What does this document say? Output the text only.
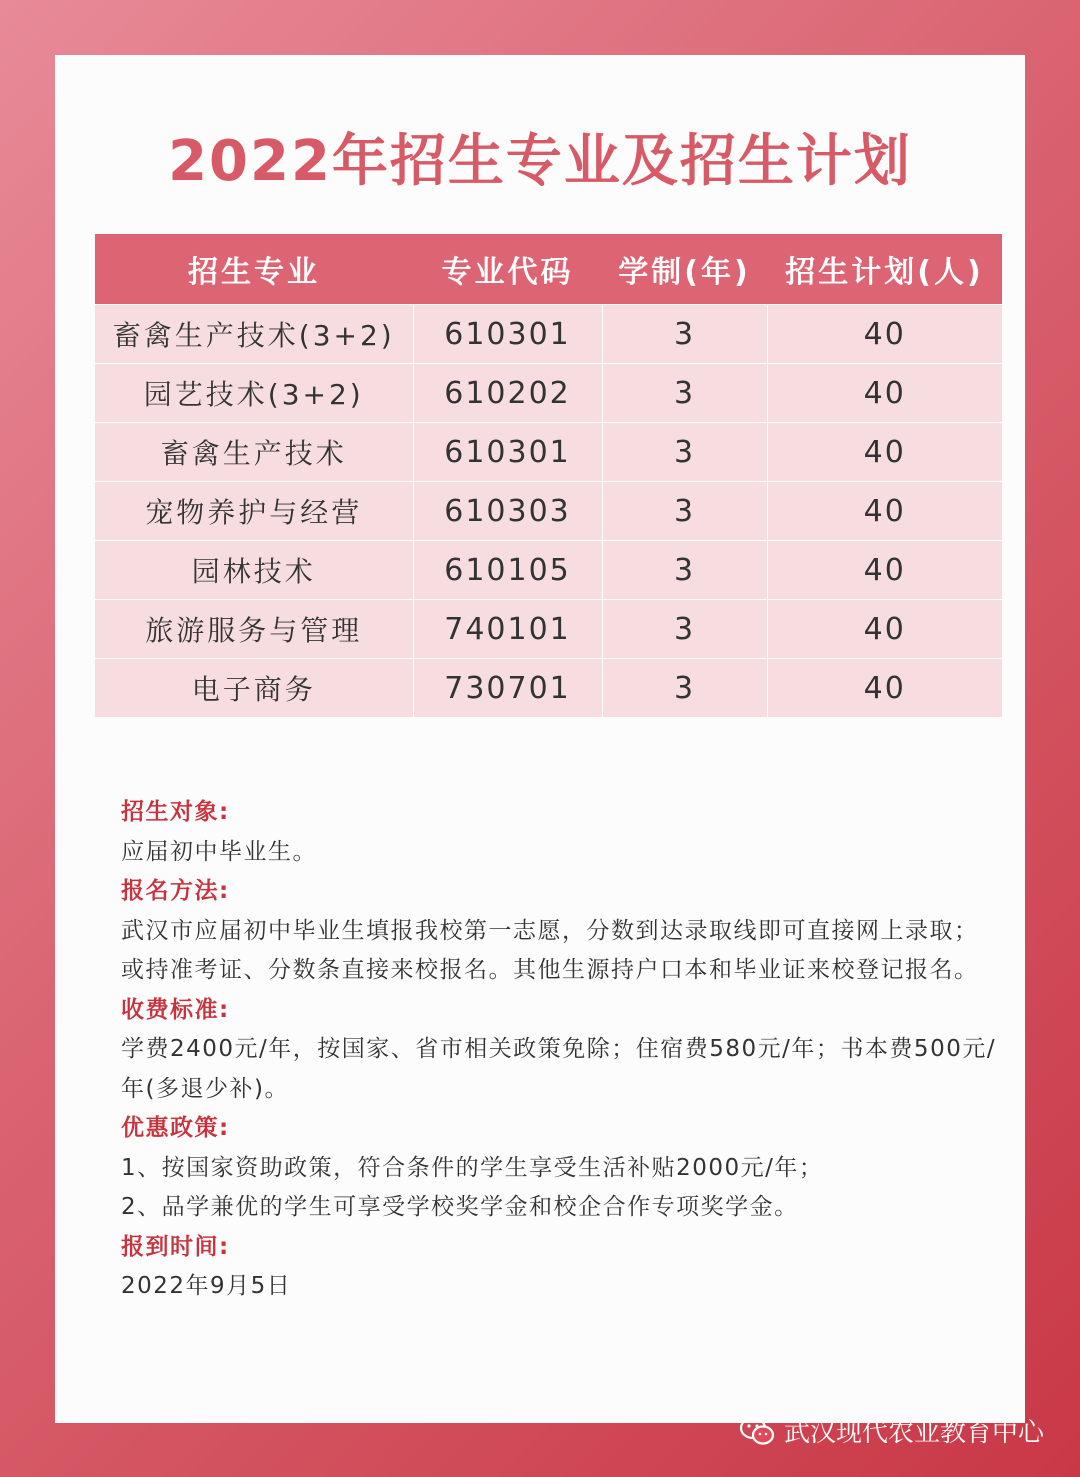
2022年招生专业及招生计划
招生专业	专业代码	学制(年)	招生计划(人)
畜禽生产技术(3+2)	610301	3	40
园艺技术(3+2)	610202	3	40
畜禽生产技术	610301	3	40
宠物养护与经营	610303	3	40
园林技术	610105	3	40
旅游服务与管理	740101	3	40
电子商务	730701	3	40

招生对象:

应届初中毕业生。

报名方法:

武汉市应届初中毕业生填报我校第一志愿，分数到达录取线即可直接网上录取；或持准考证、分数条直接来校报名。其他生源持户口本和毕业证来校登记报名。

收费标准:

学费2400元/年，按国家、省市相关政策免除；住宿费580元/年；书本费500元/年(多退少补)。

优惠政策:

1、按国家资助政策，符合条件的学生享受生活补贴2000元/年；

2、品学兼优的学生可享受学校奖学金和校企合作专项奖学金。

报到时间:

2022年9月5日

武汉现代农业教育中心
